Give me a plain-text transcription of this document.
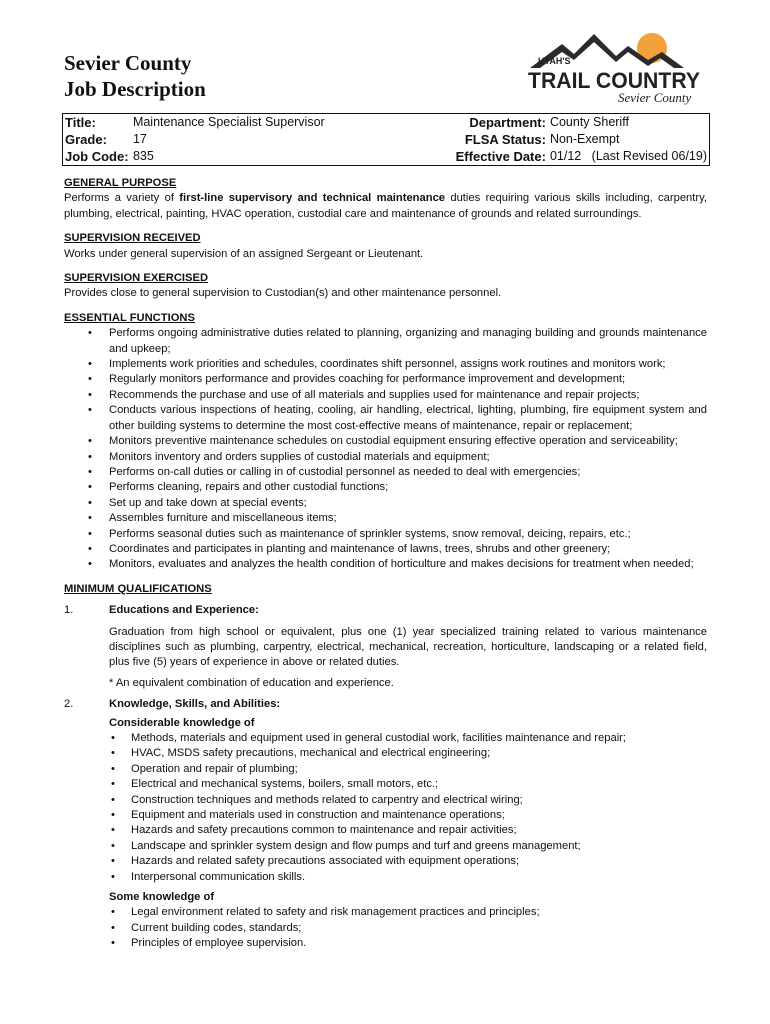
Sevier County
Job Description
UTAH'S
TRAIL COUNTRY
Sevier County
Title:	Maintenance Specialist Supervisor	Department:	County Sheriff
Grade:	17	FLSA Status:	Non-Exempt
Job Code:	835	Effective Date:	01/12   (Last Revised 06/19)
GENERAL PURPOSE
Performs a variety of first-line supervisory and technical maintenance duties requiring various skills including, carpentry, plumbing, electrical, painting, HVAC operation, custodial care and maintenance of grounds and related surroundings.
SUPERVISION RECEIVED
Works under general supervision of an assigned Sergeant or Lieutenant.
SUPERVISION EXERCISED
Provides close to general supervision to Custodian(s) and other maintenance personnel.
ESSENTIAL FUNCTIONS
• Performs ongoing administrative duties related to planning, organizing and managing building and grounds maintenance and upkeep;
• Implements work priorities and schedules, coordinates shift personnel, assigns work routines and monitors work;
• Regularly monitors performance and provides coaching for performance improvement and development;
• Recommends the purchase and use of all materials and supplies used for maintenance and repair projects;
• Conducts various inspections of heating, cooling, air handling, electrical, lighting, plumbing, fire equipment system and other building systems to determine the most cost-effective means of maintenance, repair or replacement;
• Monitors preventive maintenance schedules on custodial equipment ensuring effective operation and serviceability;
• Monitors inventory and orders supplies of custodial materials and equipment;
• Performs on-call duties or calling in of custodial personnel as needed to deal with emergencies;
• Performs cleaning, repairs and other custodial functions;
• Set up and take down at special events;
• Assembles furniture and miscellaneous items;
• Performs seasonal duties such as maintenance of sprinkler systems, snow removal, deicing, repairs, etc.;
• Coordinates and participates in planting and maintenance of lawns, trees, shrubs and other greenery;
• Monitors, evaluates and analyzes the health condition of horticulture and makes decisions for treatment when needed;
MINIMUM QUALIFICATIONS
1.	Educations and Experience:
Graduation from high school or equivalent, plus one (1) year specialized training related to various maintenance disciplines such as plumbing, carpentry, electrical, mechanical, recreation, horticulture, landscaping or a related field, plus five (5) years of experience in above or related duties.
* An equivalent combination of education and experience.
2.	Knowledge, Skills, and Abilities:
Considerable knowledge of
• Methods, materials and equipment used in general custodial work, facilities maintenance and repair;
• HVAC, MSDS safety precautions, mechanical and electrical engineering;
• Operation and repair of plumbing;
• Electrical and mechanical systems, boilers, small motors, etc.;
• Construction techniques and methods related to carpentry and electrical wiring;
• Equipment and materials used in construction and maintenance operations;
• Hazards and safety precautions common to maintenance and repair activities;
• Landscape and sprinkler system design and flow pumps and turf and greens management;
• Hazards and related safety precautions associated with equipment operations;
• Interpersonal communication skills.
Some knowledge of
• Legal environment related to safety and risk management practices and principles;
• Current building codes, standards;
• Principles of employee supervision.
